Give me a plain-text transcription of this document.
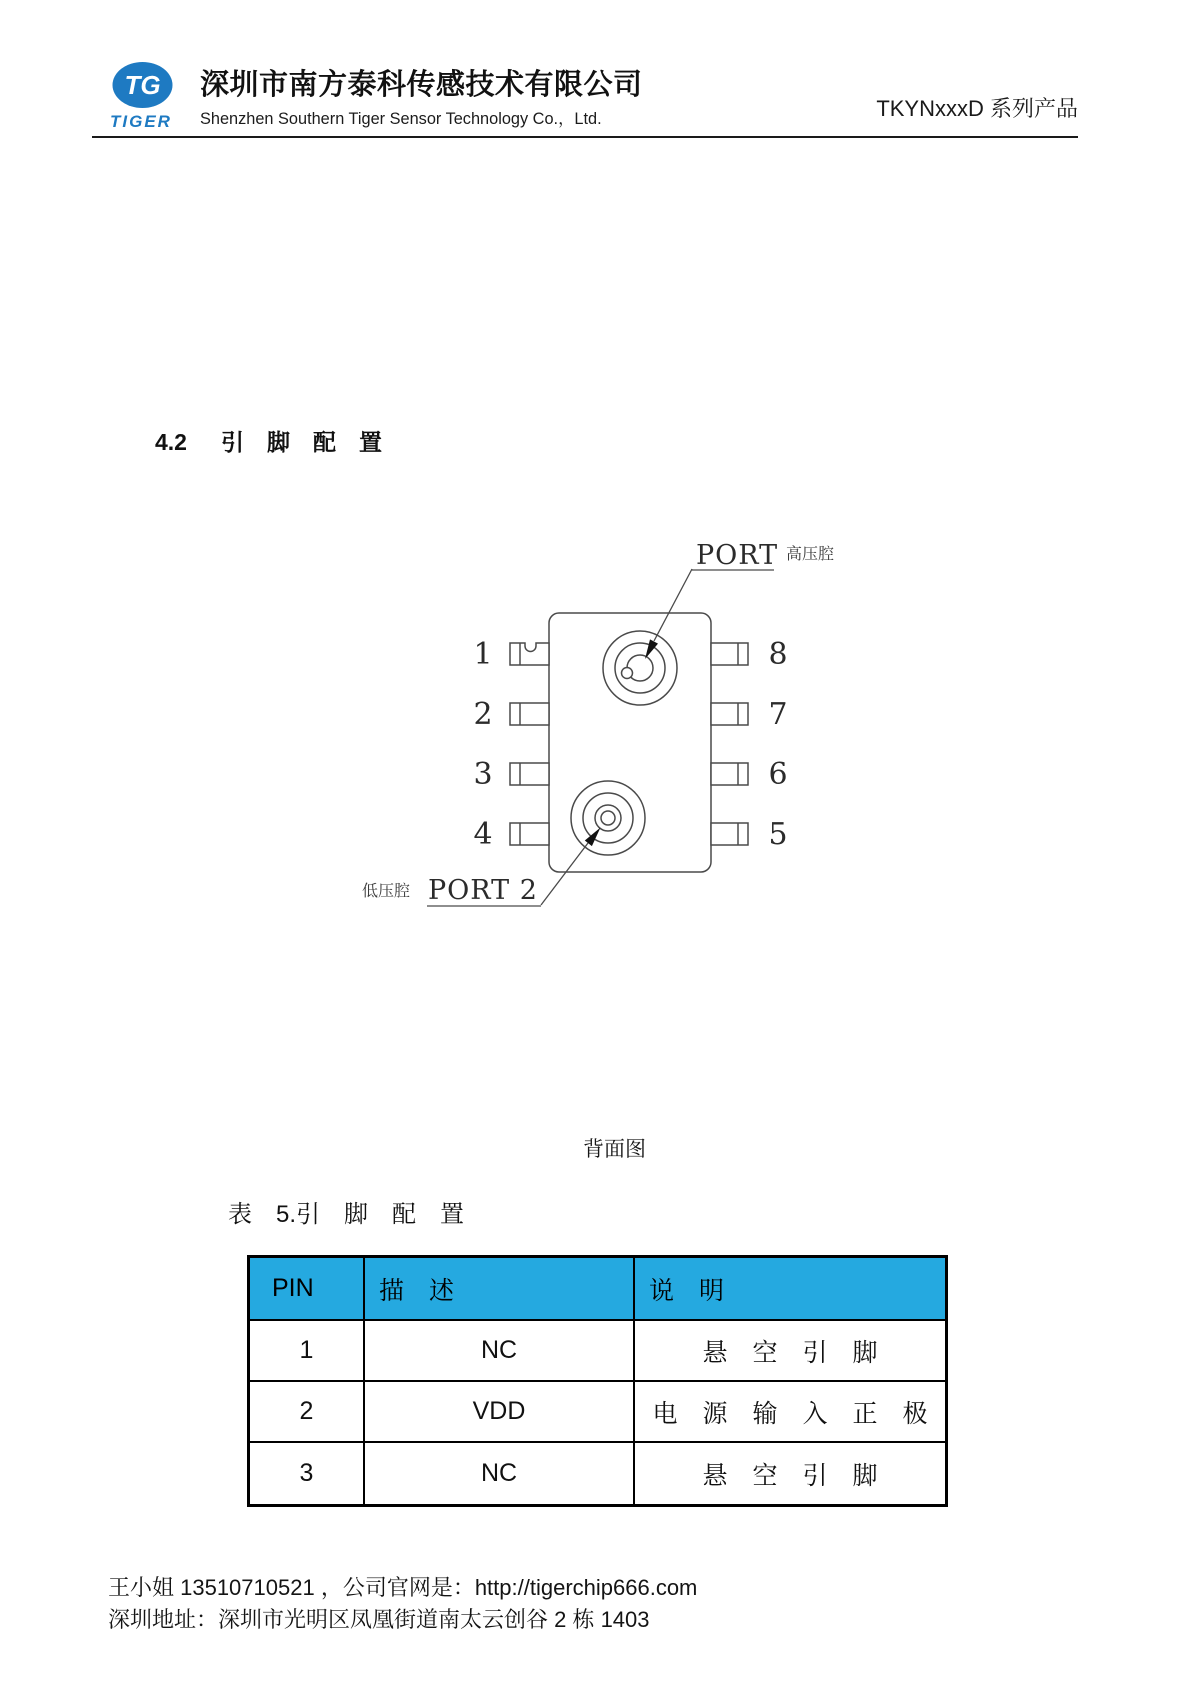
TG
TIGER
深圳市南方泰科传感技术有限公司
Shenzhen Southern Tiger Sensor Technology Co.，Ltd.	TKYNxxxD 系列产品
4.2 引　脚　配　置
1
2
3
4
8
7
6
5
PORT 高压腔
PORT 2
低压腔
背面图
表　5.引　脚　配　置
PIN	描　述	说　明
1	NC	悬　空　引　脚
2	VDD	电　源　输　入　正　极
3	NC	悬　空　引　脚
王小姐 13510710521 ，公司官网是：http://tigerchip666.com
深圳地址：深圳市光明区凤凰街道南太云创谷 2 栋 1403
